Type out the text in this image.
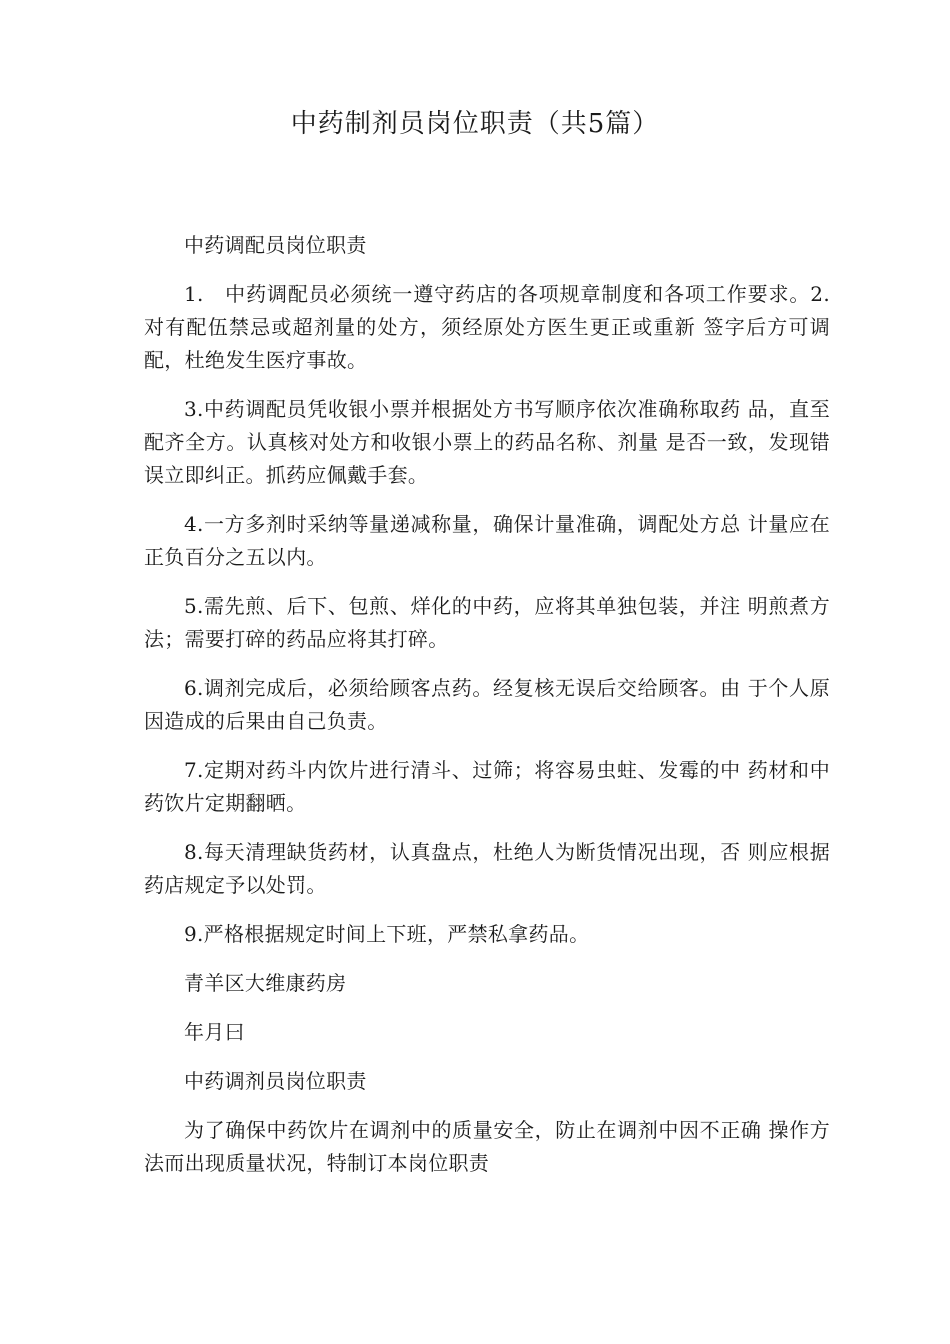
中药制剂员岗位职责（共5篇）

中药调配员岗位职责

1.　中药调配员必须统一遵守药店的各项规章制度和各项工作要求。2.对有配伍禁忌或超剂量的处方，须经原处方医生更正或重新 签字后方可调配，杜绝发生医疗事故。

3.中药调配员凭收银小票并根据处方书写顺序依次准确称取药 品，直至配齐全方。认真核对处方和收银小票上的药品名称、剂量 是否一致，发现错误立即纠正。抓药应佩戴手套。

4.一方多剂时采纳等量递减称量，确保计量准确，调配处方总 计量应在正负百分之五以内。

5.需先煎、后下、包煎、烊化的中药，应将其单独包装，并注 明煎煮方法；需要打碎的药品应将其打碎。

6.调剂完成后，必须给顾客点药。经复核无误后交给顾客。由 于个人原因造成的后果由自己负责。

7.定期对药斗内饮片进行清斗、过筛；将容易虫蛀、发霉的中 药材和中药饮片定期翻晒。

8.每天清理缺货药材，认真盘点，杜绝人为断货情况出现，否 则应根据药店规定予以处罚。

9.严格根据规定时间上下班，严禁私拿药品。

青羊区大维康药房

年月曰

中药调剂员岗位职责

为了确保中药饮片在调剂中的质量安全，防止在调剂中因不正确 操作方法而出现质量状况，特制订本岗位职责
